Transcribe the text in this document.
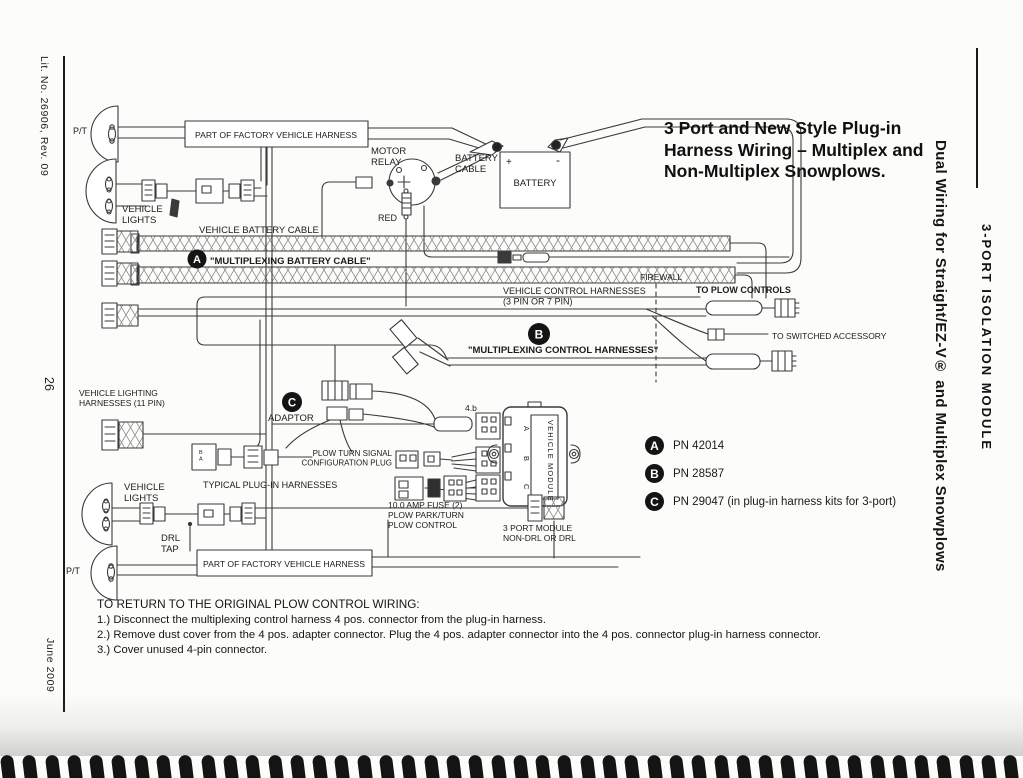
P/T	PART OF FACTORY VEHICLE HARNESS
VEHICLE LIGHTS
MOTOR RELAY
RED
BATTERY CABLE
+	-
BATTERY
VEHICLE BATTERY CABLE
"MULTIPLEXING BATTERY CABLE"
VEHICLE CONTROL HARNESSES (3 PIN OR 7 PIN)
FIREWALL
TO PLOW CONTROLS
TO SWITCHED ACCESSORY
"MULTIPLEXING CONTROL HARNESSES"
VEHICLE LIGHTING HARNESSES (11 PIN)
ADAPTOR
PLOW TURN SIGNAL CONFIGURATION PLUG
TYPICAL PLUG-IN HARNESSES
VEHICLE LIGHTS
DRL TAP
P/T
PART OF FACTORY VEHICLE HARNESS
4.b
10.0 AMP FUSE (2) PLOW PARK/TURN PLOW CONTROL	3 PORT MODULE NON-DRL OR DRL
A
B
C VEHICLE MODULE
B A
A
B
C
Lit. No. 26906, Rev. 09
26
June 2009
Dual Wiring for Straight/EZ-V® and Multiplex Snowplows 3-PORT ISOLATION MODULE
3 Port and New Style Plug-in
Harness Wiring – Multiplex and
Non-Multiplex Snowplows.
A	PN 42014
B	PN 28587
C	PN 29047 (in plug-in harness kits for 3-port)
TO RETURN TO THE ORIGINAL PLOW CONTROL WIRING:
1.) Disconnect the multiplexing control harness 4 pos. connector from the plug-in harness.
2.) Remove dust cover from the 4 pos. adapter connector. Plug the 4 pos. adapter connector into the 4 pos. connector plug-in harness connector.
3.) Cover unused 4-pin connector.
